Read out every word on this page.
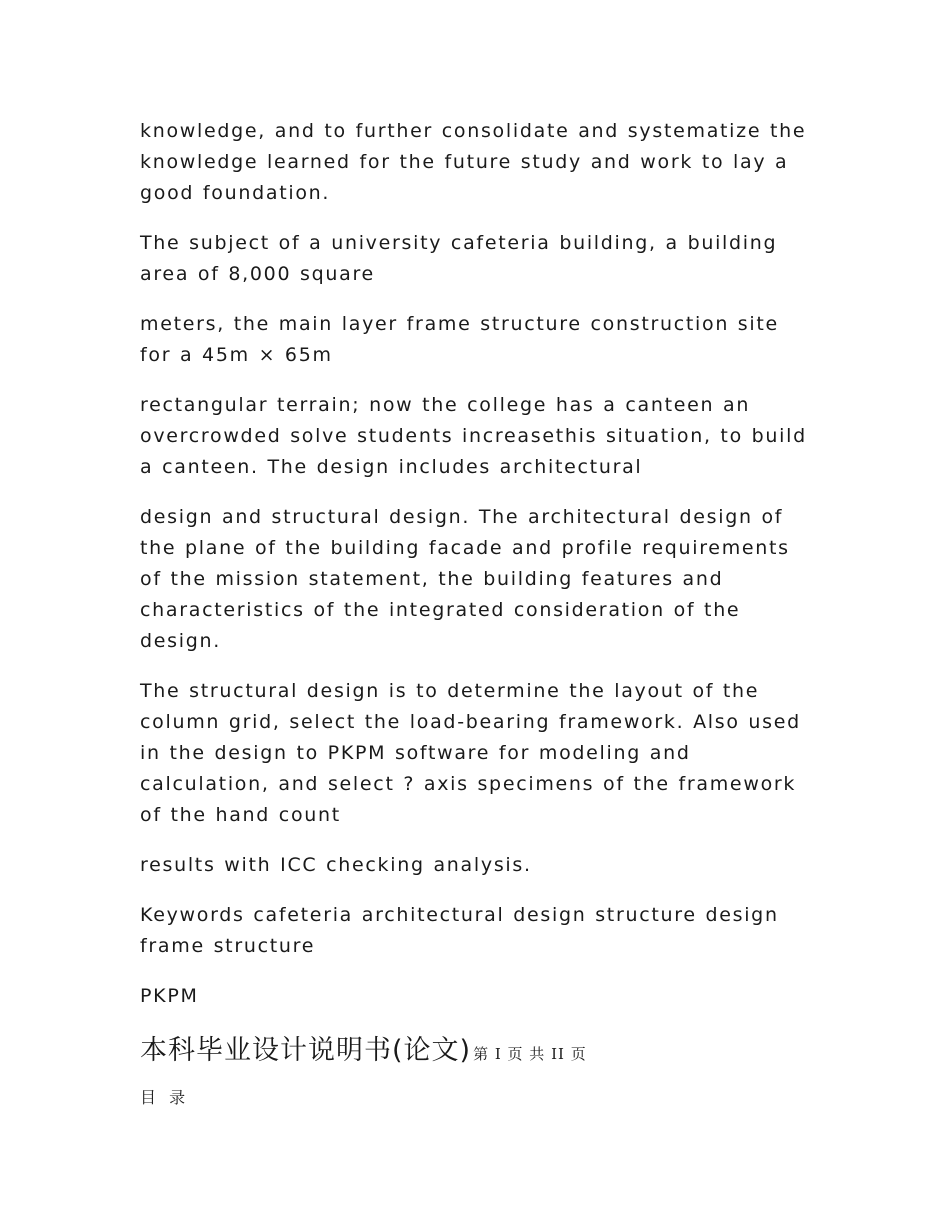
knowledge, and to further consolidate and systematize the knowledge learned for the future study and work to lay a good foundation.

The subject of a university cafeteria building, a building area of 8,000 square

meters, the main layer frame structure construction site for a 45m × 65m

rectangular terrain; now the college has a canteen an overcrowded solve students increasethis situation, to build a canteen. The design includes architectural

design and structural design. The architectural design of the plane of the building facade and profile requirements of the mission statement, the building features and characteristics of the integrated consideration of the design.

The structural design is to determine the layout of the column grid, select the load-bearing framework. Also used in the design to PKPM software for modeling and calculation, and select ? axis specimens of the framework of the hand count

results with ICC checking analysis.

Keywords cafeteria architectural design structure design frame structure

PKPM

本科毕业设计说明书(论文) 第 I 页 共 II 页
目 录
